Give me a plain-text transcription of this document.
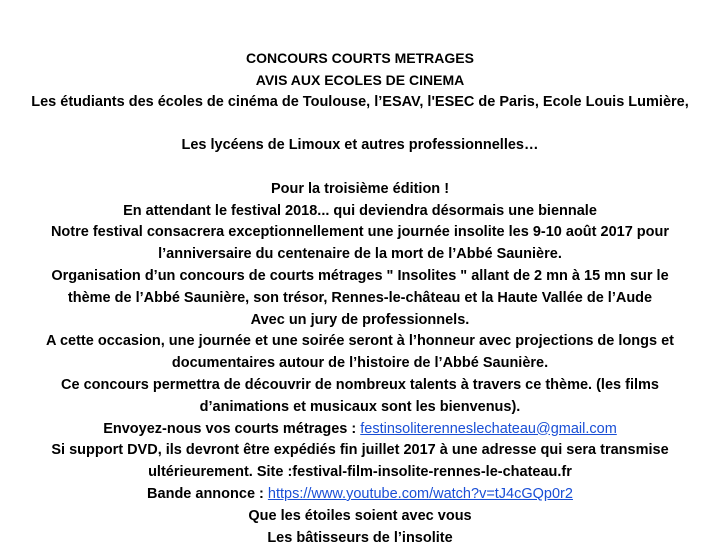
CONCOURS COURTS METRAGES
AVIS AUX ECOLES DE CINEMA
Les étudiants des écoles de cinéma de Toulouse, l’ESAV, l'ESEC de Paris, Ecole Louis Lumière,
Les lycéens de Limoux et autres professionnelles…
Pour la troisième édition !
En attendant le festival 2018... qui deviendra désormais une biennale
Notre festival consacrera exceptionnellement une journée insolite les 9-10 août 2017 pour
l’anniversaire du centenaire de la mort de l’Abbé Saunière.
Organisation d’un concours de courts métrages " Insolites " allant de 2 mn à 15 mn sur le
thème de l’Abbé Saunière, son trésor, Rennes-le-château et la Haute Vallée de l’Aude
Avec un jury de professionnels.
A cette occasion, une journée et une soirée seront à l’honneur avec projections de longs et
documentaires autour de l’histoire de l’Abbé Saunière.
Ce concours permettra de découvrir de nombreux talents à travers ce thème. (les films
d’animations et musicaux sont les bienvenus).
Envoyez-nous vos courts métrages : festinsoliterenneslechateau@gmail.com
Si support DVD, ils devront être expédiés fin juillet 2017 à une adresse qui sera transmise
ultérieurement. Site :festival-film-insolite-rennes-le-chateau.fr
Bande annonce : https://www.youtube.com/watch?v=tJ4cGQp0r2
Que les étoiles soient avec vous
Les bâtisseurs de l’insolite
